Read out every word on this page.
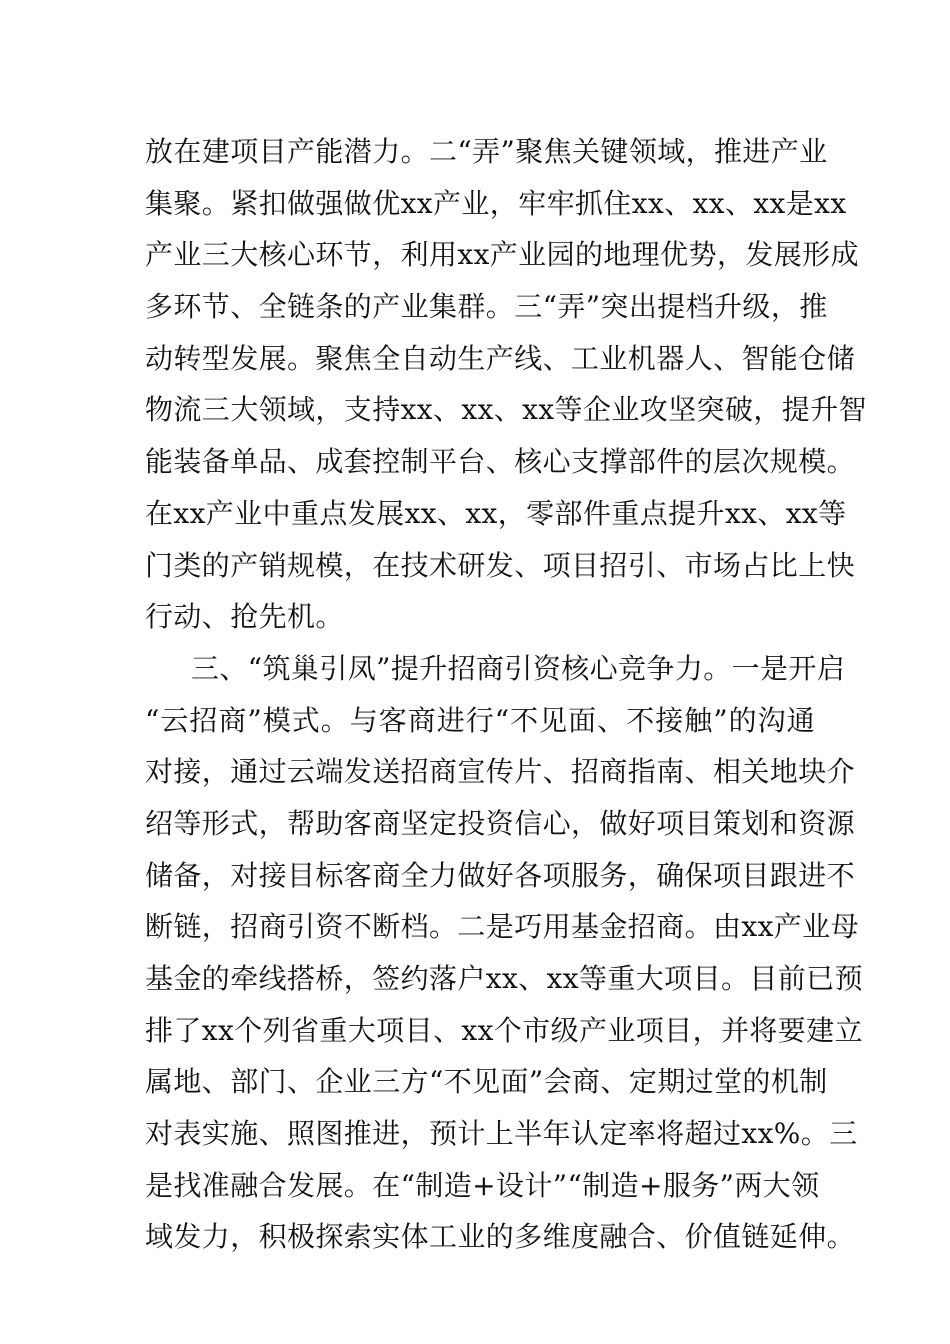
放在建项目产能潜力。二“弄”聚焦关键领域，推进产业
集聚。紧扣做强做优xx产业，牢牢抓住xx、xx、xx是xx
产业三大核心环节，利用xx产业园的地理优势，发展形成
多环节、全链条的产业集群。三“弄”突出提档升级，推
动转型发展。聚焦全自动生产线、工业机器人、智能仓储
物流三大领域，支持xx、xx、xx等企业攻坚突破，提升智
能装备单品、成套控制平台、核心支撑部件的层次规模。
在xx产业中重点发展xx、xx，零部件重点提升xx、xx等
门类的产销规模，在技术研发、项目招引、市场占比上快
行动、抢先机。
三、“筑巢引凤”提升招商引资核心竞争力。一是开启
“云招商”模式。与客商进行“不见面、不接触”的沟通
对接，通过云端发送招商宣传片、招商指南、相关地块介
绍等形式，帮助客商坚定投资信心，做好项目策划和资源
储备，对接目标客商全力做好各项服务，确保项目跟进不
断链，招商引资不断档。二是巧用基金招商。由xx产业母
基金的牵线搭桥，签约落户xx、xx等重大项目。目前已预
排了xx个列省重大项目、xx个市级产业项目，并将要建立
属地、部门、企业三方“不见面”会商、定期过堂的机制
对表实施、照图推进，预计上半年认定率将超过xx%。三
是找准融合发展。在“制造+设计”“制造+服务”两大领
域发力，积极探索实体工业的多维度融合、价值链延伸。
